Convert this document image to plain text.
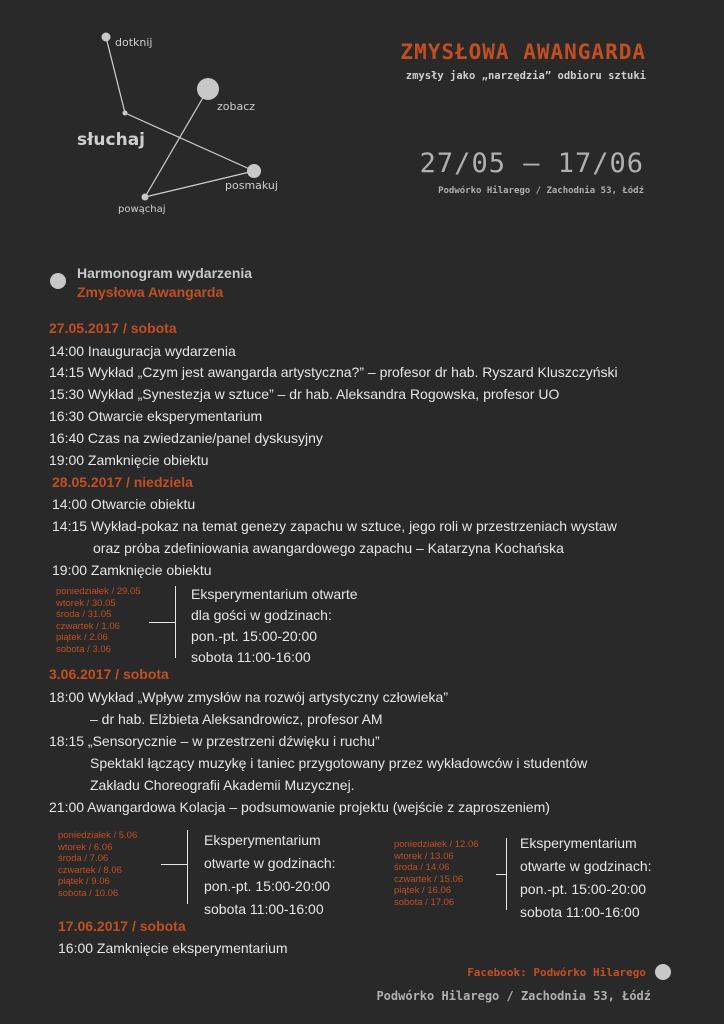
dotknij
zobacz
słuchaj
posmakuj
powąchaj
ZMYSŁOWA AWANGARDA
zmysły jako „narzędzia” odbioru sztuki
27/05 — 17/06
Podwórko Hilarego / Zachodnia 53, Łódź
Harmonogram wydarzenia
Zmysłowa Awangarda
27.05.2017 / sobota
14:00 Inauguracja wydarzenia
14:15 Wykład „Czym jest awangarda artystyczna?” – profesor dr hab. Ryszard Kluszczyński
15:30 Wykład „Synestezja w sztuce” – dr hab. Aleksandra Rogowska, profesor UO
16:30 Otwarcie eksperymentarium
16:40 Czas na zwiedzanie/panel dyskusyjny
19:00 Zamknięcie obiektu
28.05.2017 / niedziela
14:00 Otwarcie obiektu
14:15 Wykład-pokaz na temat genezy zapachu w sztuce, jego roli w przestrzeniach wystaw
oraz próba zdefiniowania awangardowego zapachu – Katarzyna Kochańska
19:00 Zamknięcie obiektu
poniedziałek / 29.05
wtorek / 30.05
środa / 31.05
czwartek / 1.06
piątek / 2.06
sobota / 3.06
Eksperymentarium otwarte
dla gości w godzinach:
pon.-pt. 15:00-20:00
sobota 11:00-16:00
3.06.2017 / sobota
18:00 Wykład „Wpływ zmysłów na rozwój artystyczny człowieka”
– dr hab. Elżbieta Aleksandrowicz, profesor AM
18:15 „Sensorycznie – w przestrzeni dźwięku i ruchu”
Spektakl łączący muzykę i taniec przygotowany przez wykładowców i studentów
Zakładu Choreografii Akademii Muzycznej.
21:00 Awangardowa Kolacja – podsumowanie projektu (wejście z zaproszeniem)
poniedziałek / 5.06
wtorek / 6.06
środa / 7.06
czwartek / 8.06
piątek / 9.06
sobota / 10.06
Eksperymentarium
otwarte w godzinach:
pon.-pt. 15:00-20:00
sobota 11:00-16:00
poniedziałek / 12.06
wtorek / 13.06
środa / 14.06
czwartek / 15.06
piątek / 16.06
sobota / 17.06
Eksperymentarium
otwarte w godzinach:
pon.-pt. 15:00-20:00
sobota 11:00-16:00
17.06.2017 / sobota
16:00 Zamknięcie eksperymentarium
Facebook: Podwórko Hilarego
Podwórko Hilarego / Zachodnia 53, Łódź
